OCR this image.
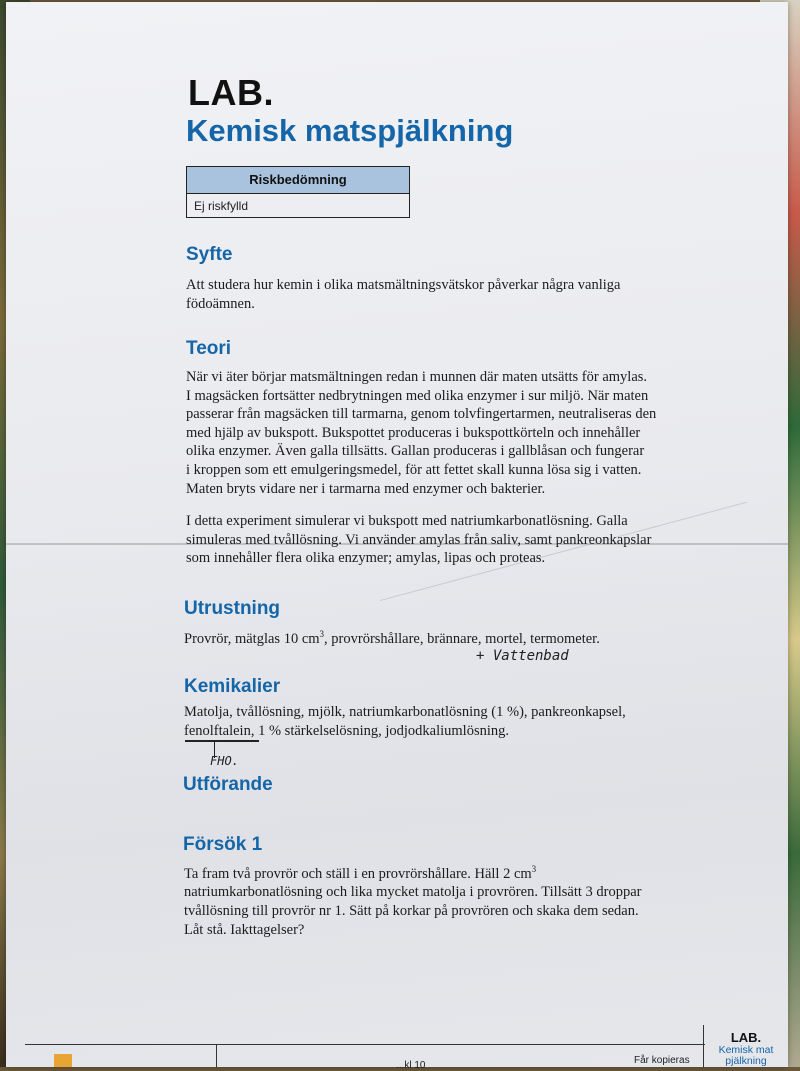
LAB.
Kemisk matspjälkning
Riskbedömning
Ej riskfylld
Syfte
Att studera hur kemin i olika matsmältningsvätskor påverkar några vanliga
födoämnen.
Teori
När vi äter börjar matsmältningen redan i munnen där maten utsätts för amylas.
I magsäcken fortsätter nedbrytningen med olika enzymer i sur miljö. När maten
passerar från magsäcken till tarmarna, genom tolvfingertarmen, neutraliseras den
med hjälp av bukspott. Bukspottet produceras i bukspottkörteln och innehåller
olika enzymer. Även galla tillsätts. Gallan produceras i gallblåsan och fungerar
i kroppen som ett emulgeringsmedel, för att fettet skall kunna lösa sig i vatten.
Maten bryts vidare ner i tarmarna med enzymer och bakterier.
I detta experiment simulerar vi bukspott med natriumkarbonatlösning. Galla
simuleras med tvållösning. Vi använder amylas från saliv, samt pankreonkapslar
som innehåller flera olika enzymer; amylas, lipas och proteas.
Utrustning
Provrör, mätglas 10 $cm^3$, provrörshållare, brännare, mortel, termometer.
+ Vattenbad
Kemikalier
Matolja, tvållösning, mjölk, natriumkarbonatlösning (1 %), pankreonkapsel,
fenolftalein, 1 % stärkelselösning, jodjodkaliumlösning.
FHO.
Utförande
Försök 1
Ta fram två provrör och ställ i en provrörshållare. Häll 2 $cm^3$
natriumkarbonatlösning och lika mycket matolja i provrören. Tillsätt 3 droppar
tvållösning till provrör nr 1. Sätt på korkar på provrören och skaka dem sedan.
Låt stå. Iakttagelser?
...kl 10	Får kopieras
LAB.
Kemisk mat
pjälkning
